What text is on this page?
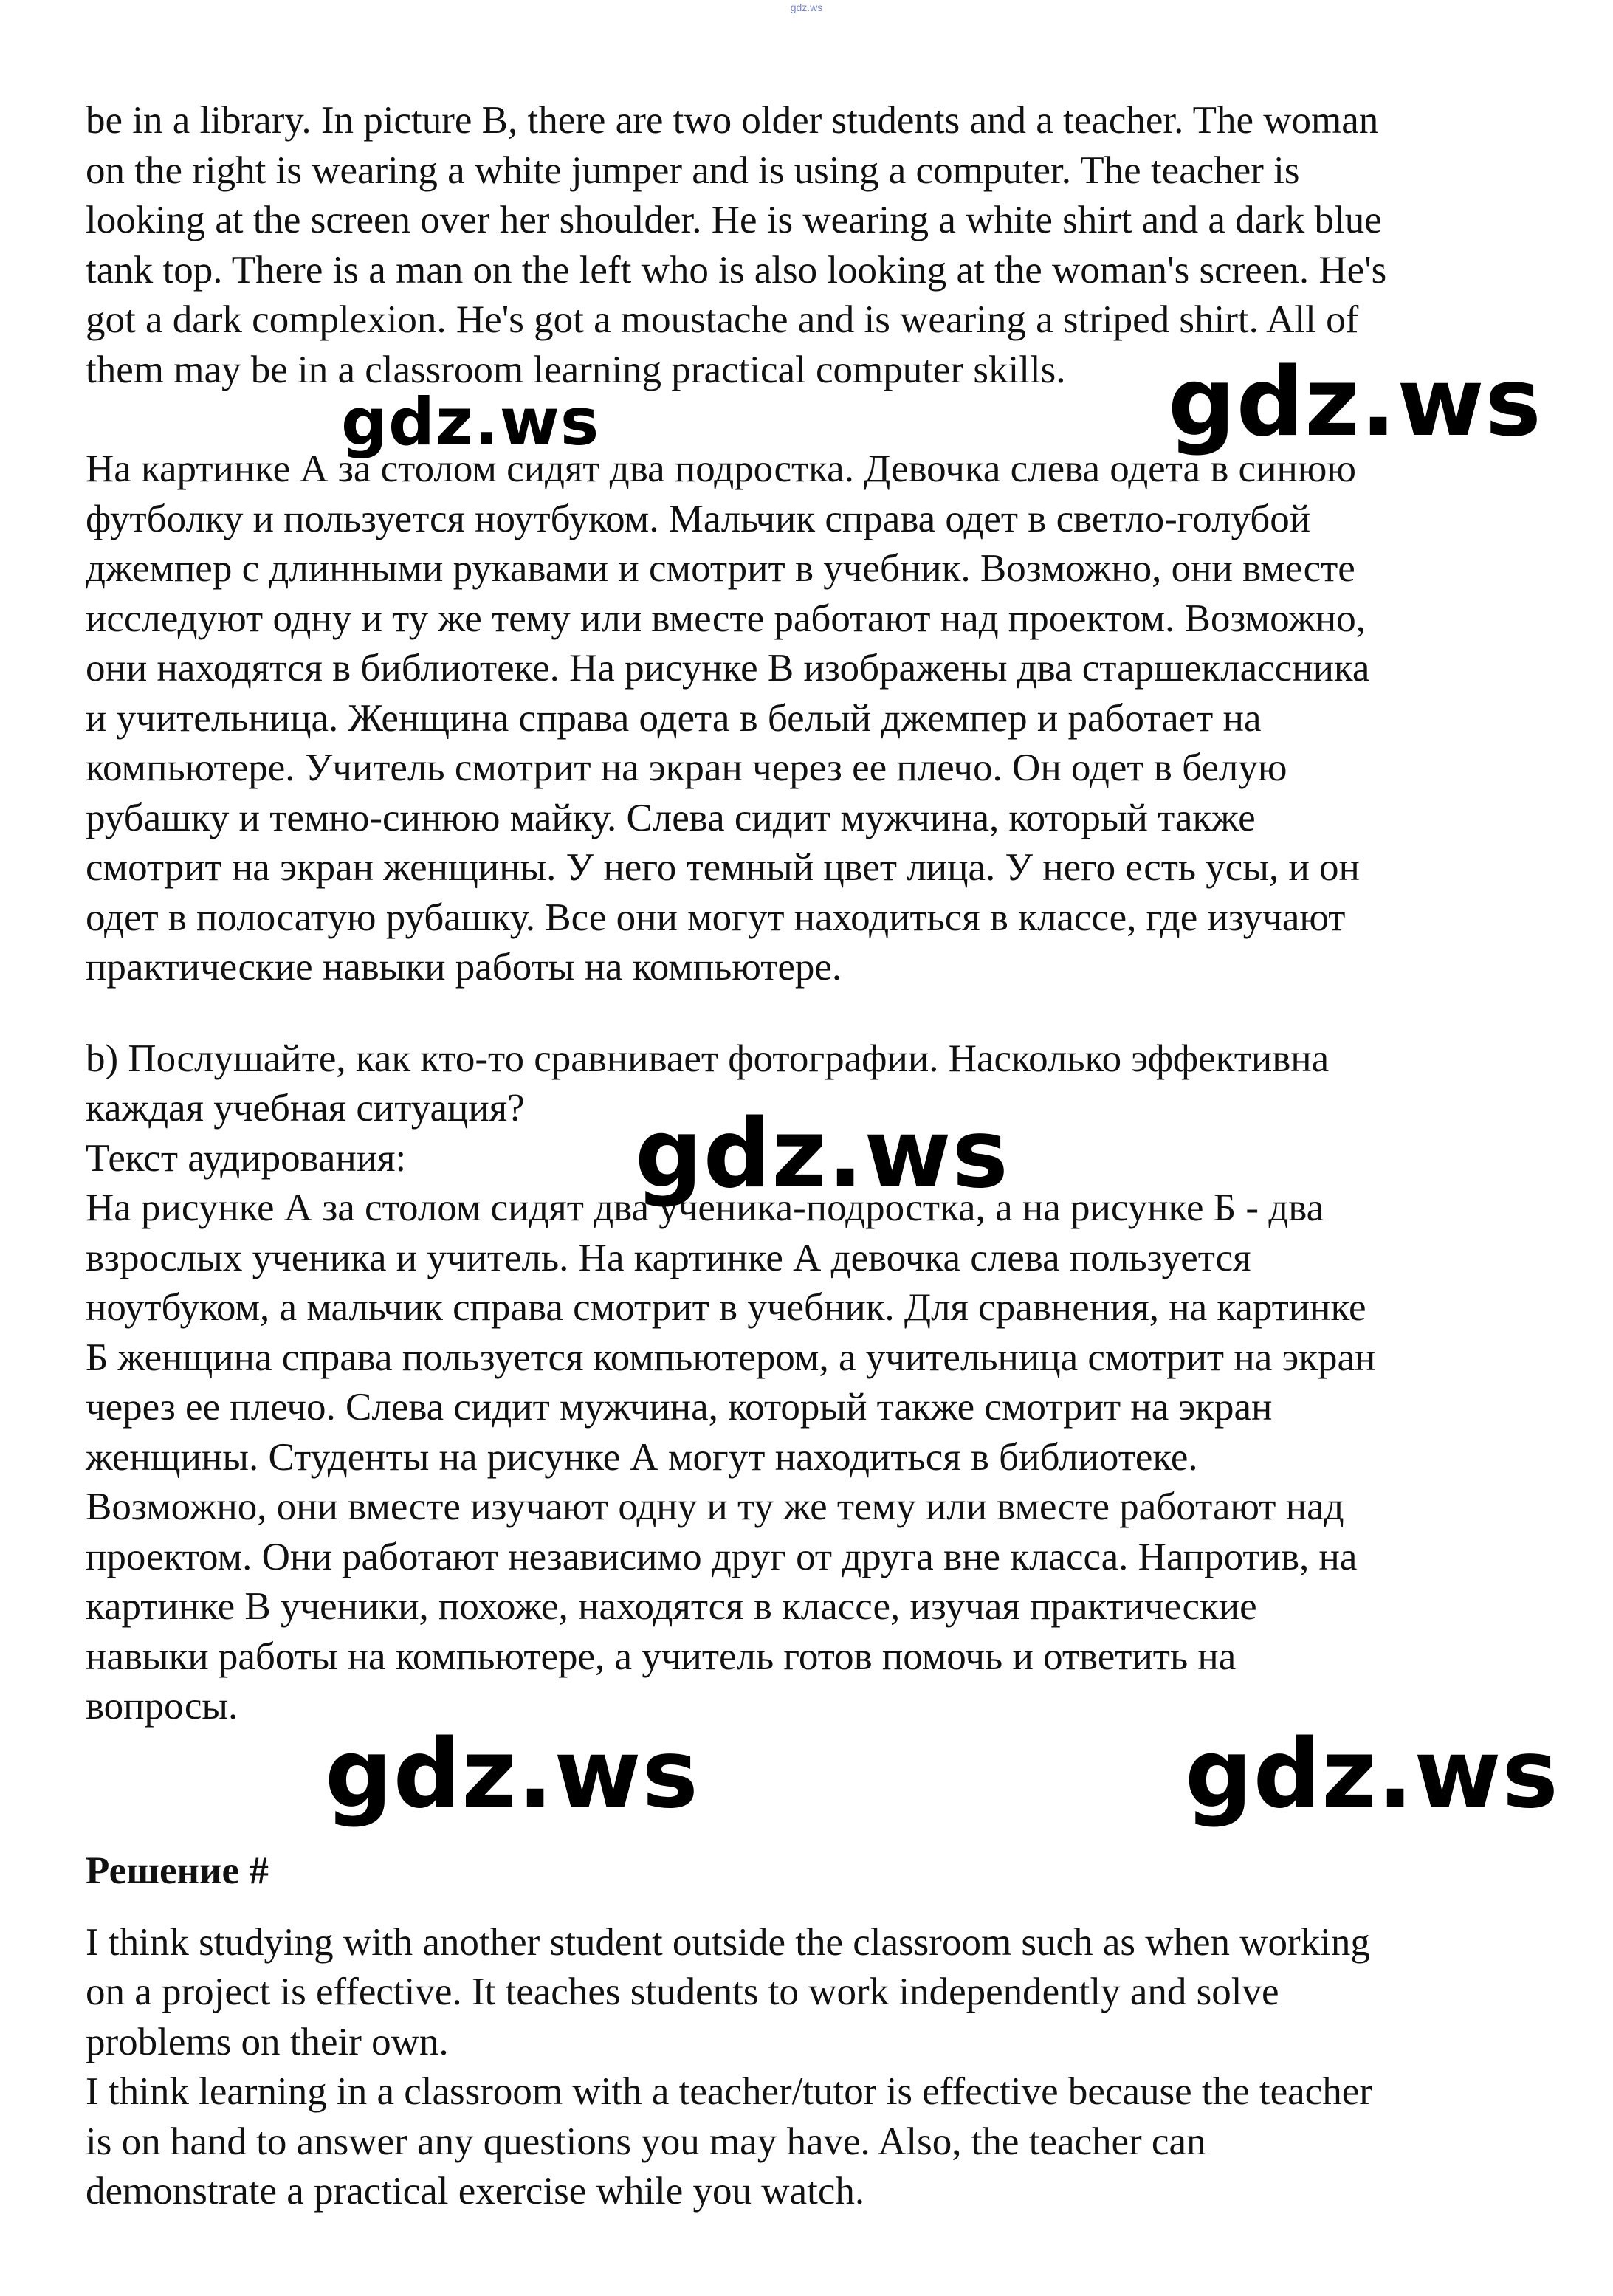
gdz.ws

be in a library. In picture B, there are two older students and a teacher. The woman
on the right is wearing a white jumper and is using a computer. The teacher is
looking at the screen over her shoulder. He is wearing a white shirt and a dark blue
tank top. There is a man on the left who is also looking at the woman's screen. He's
got a dark complexion. He's got a moustache and is wearing a striped shirt. All of
them may be in a classroom learning practical computer skills.

На картинке А за столом сидят два подростка. Девочка слева одета в синюю
футболку и пользуется ноутбуком. Мальчик справа одет в светло-голубой
джемпер с длинными рукавами и смотрит в учебник. Возможно, они вместе
исследуют одну и ту же тему или вместе работают над проектом. Возможно,
они находятся в библиотеке. На рисунке В изображены два старшеклассника
и учительница. Женщина справа одета в белый джемпер и работает на
компьютере. Учитель смотрит на экран через ее плечо. Он одет в белую
рубашку и темно-синюю майку. Слева сидит мужчина, который также
смотрит на экран женщины. У него темный цвет лица. У него есть усы, и он
одет в полосатую рубашку. Все они могут находиться в классе, где изучают
практические навыки работы на компьютере.

b) Послушайте, как кто-то сравнивает фотографии. Насколько эффективна
каждая учебная ситуация?

Текст аудирования:

На рисунке А за столом сидят два ученика-подростка, а на рисунке Б - два
взрослых ученика и учитель. На картинке А девочка слева пользуется
ноутбуком, а мальчик справа смотрит в учебник. Для сравнения, на картинке
Б женщина справа пользуется компьютером, а учительница смотрит на экран
через ее плечо. Слева сидит мужчина, который также смотрит на экран
женщины. Студенты на рисунке А могут находиться в библиотеке.
Возможно, они вместе изучают одну и ту же тему или вместе работают над
проектом. Они работают независимо друг от друга вне класса. Напротив, на
картинке В ученики, похоже, находятся в классе, изучая практические
навыки работы на компьютере, а учитель готов помочь и ответить на
вопросы.

Решение #

I think studying with another student outside the classroom such as when working
on a project is effective. It teaches students to work independently and solve
problems on their own.
I think learning in a classroom with a teacher/tutor is effective because the teacher
is on hand to answer any questions you may have. Also, the teacher can
demonstrate a practical exercise while you watch.

gdz.ws	gdz.ws
gdz.ws
gdz.ws	gdz.ws
